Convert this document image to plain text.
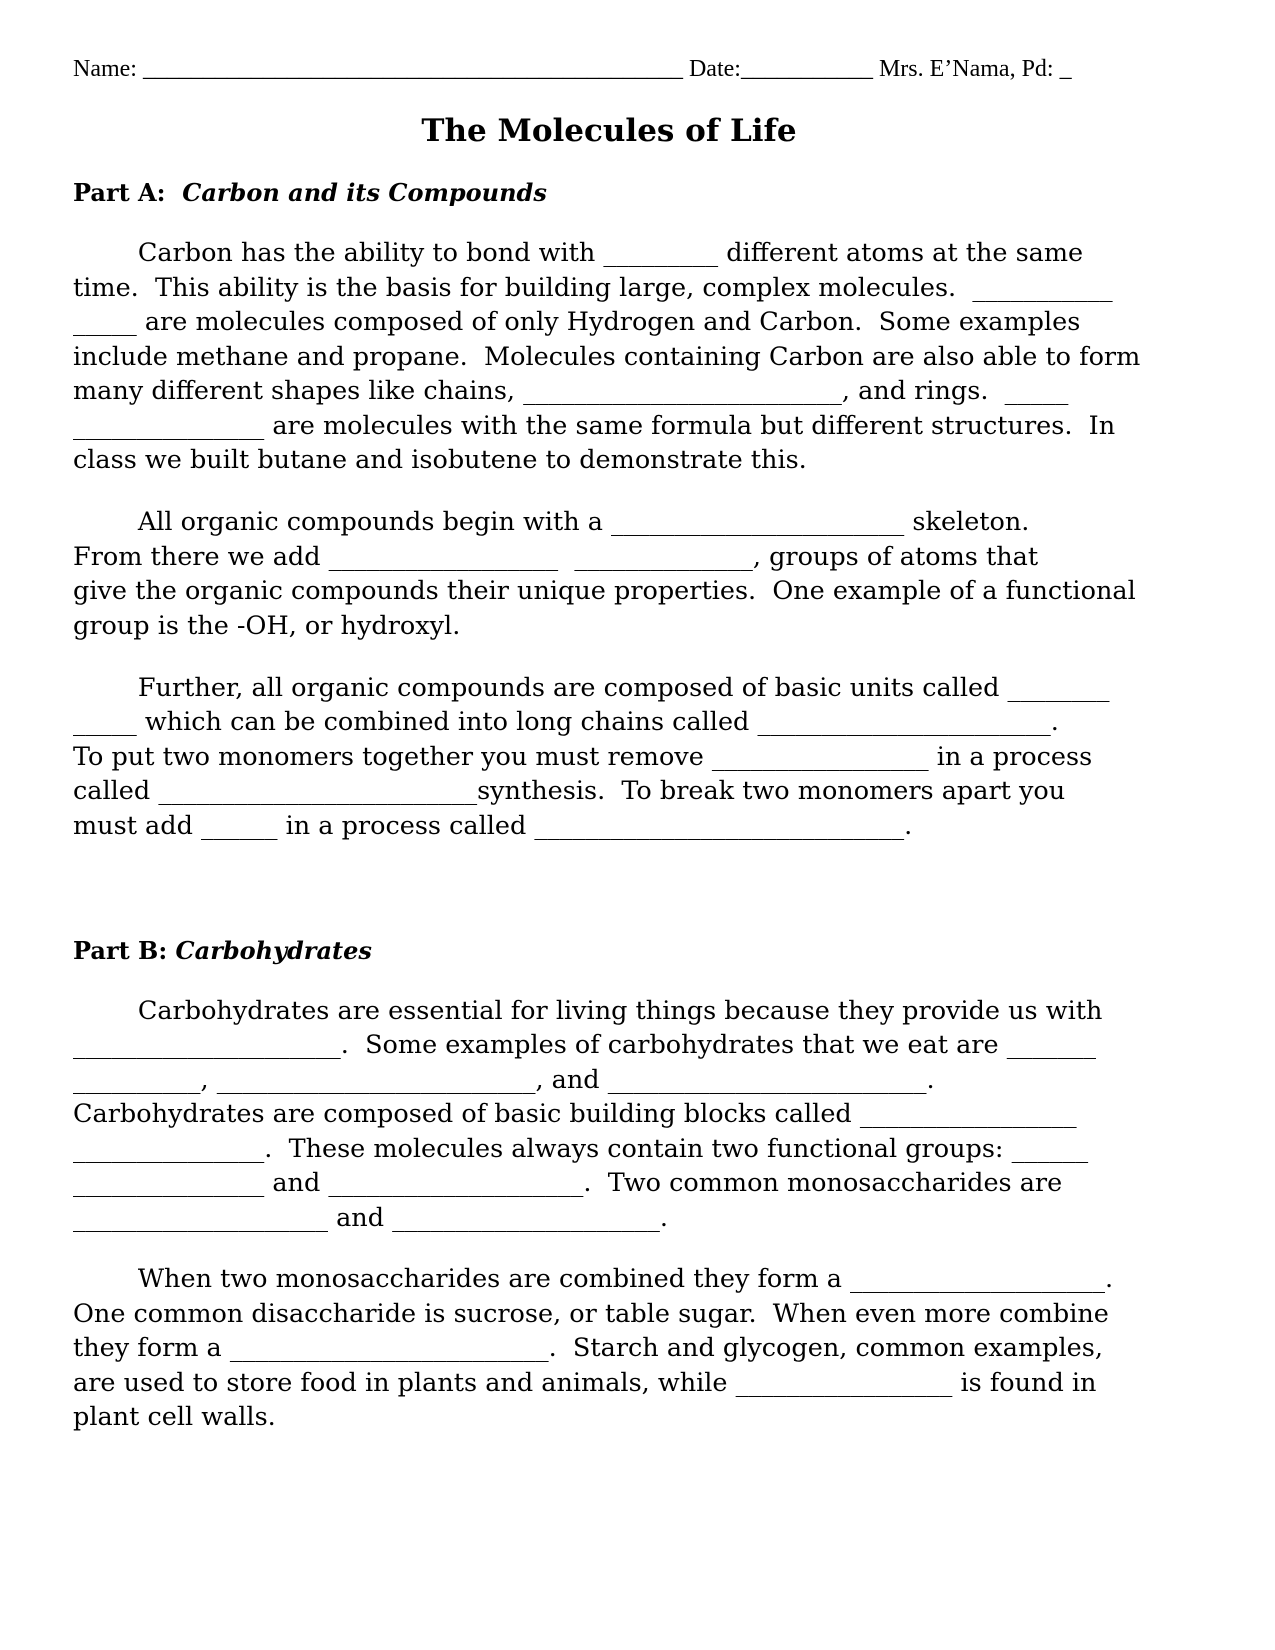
Name: _____________________________________________ Date:___________ Mrs. E’Nama, Pd: _
The Molecules of Life
Part A: Carbon and its Compounds
Carbon has the ability to bond with _________ different atoms at the same
time.  This ability is the basis for building large, complex molecules.  ___________
_____ are molecules composed of only Hydrogen and Carbon.  Some examples
include methane and propane.  Molecules containing Carbon are also able to form
many different shapes like chains, _________________________, and rings.  _____
_______________ are molecules with the same formula but different structures.  In
class we built butane and isobutene to demonstrate this.
All organic compounds begin with a _______________________ skeleton.
From there we add __________________  ______________, groups of atoms that
give the organic compounds their unique properties.  One example of a functional
group is the -OH, or hydroxyl.
Further, all organic compounds are composed of basic units called ________
_____ which can be combined into long chains called _______________________.
To put two monomers together you must remove _________________ in a process
called _________________________synthesis.  To break two monomers apart you
must add ______ in a process called _____________________________.
Part B: Carbohydrates
Carbohydrates are essential for living things because they provide us with
_____________________.  Some examples of carbohydrates that we eat are _______
__________, _________________________, and _________________________.
Carbohydrates are composed of basic building blocks called _________________
_______________.  These molecules always contain two functional groups: ______
_______________ and ____________________.  Two common monosaccharides are
____________________ and _____________________.
When two monosaccharides are combined they form a ____________________.
One common disaccharide is sucrose, or table sugar.  When even more combine
they form a _________________________.  Starch and glycogen, common examples,
are used to store food in plants and animals, while _________________ is found in
plant cell walls.
